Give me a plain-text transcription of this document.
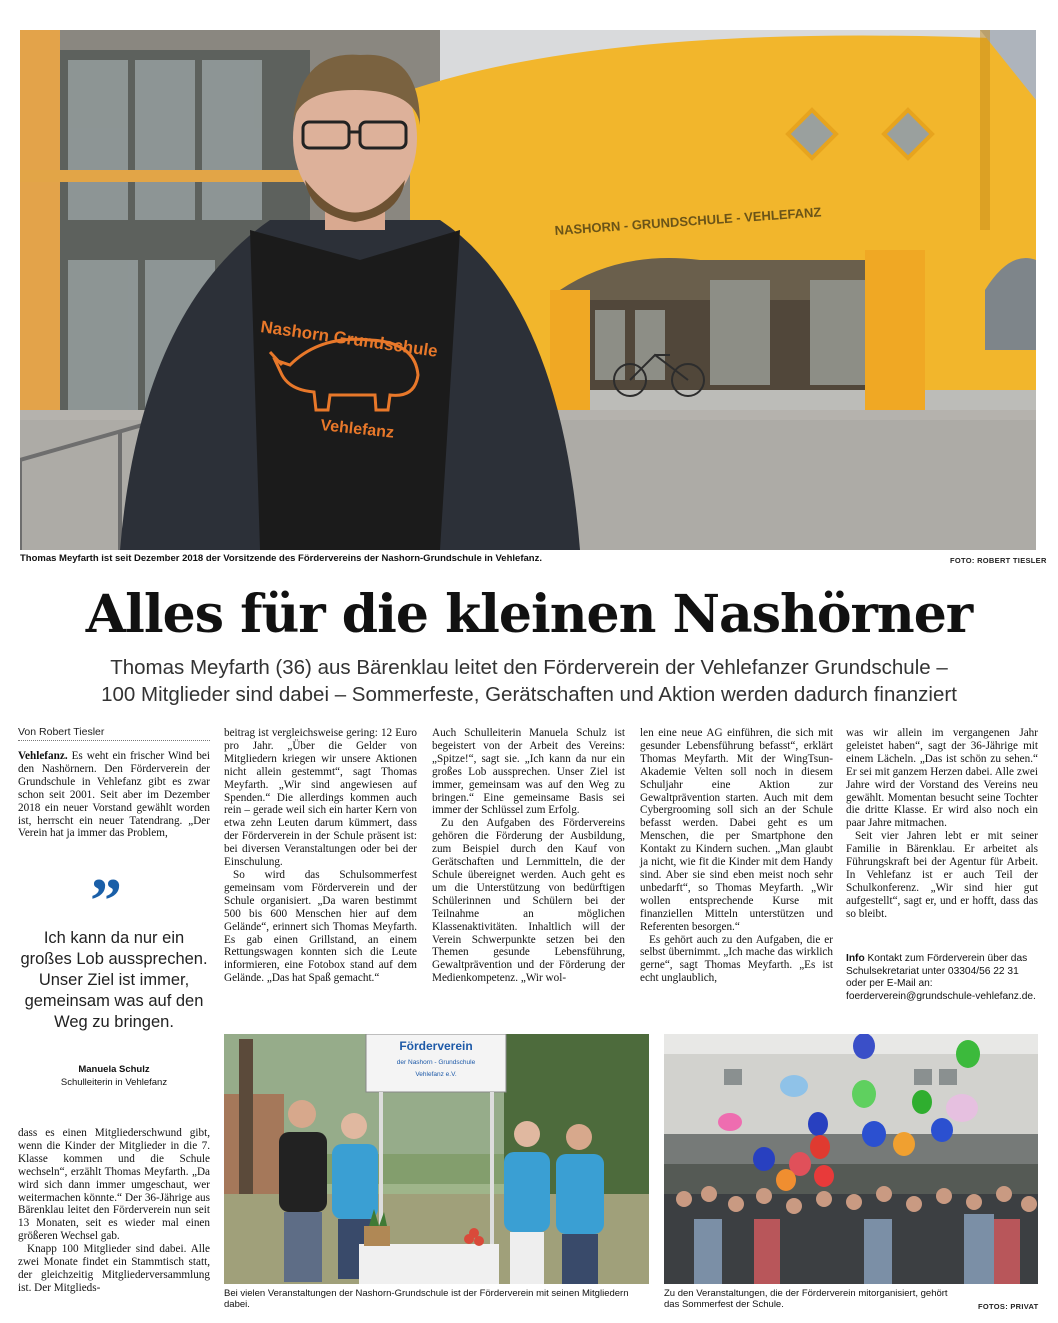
NASHORN - GRUNDSCHULE - VEHLEFANZ
Nashorn Grundschule
Vehlefanz
Thomas Meyfarth ist seit Dezember 2018 der Vorsitzende des Fördervereins der Nashorn-Grundschule in Vehlefanz.	FOTO: ROBERT TIESLER
Alles für die kleinen Nashörner
Thomas Meyfarth (36) aus Bärenklau leitet den Förderverein der Vehlefanzer Grundschule –
100 Mitglieder sind dabei – Sommerfeste, Gerätschaften und Aktion werden dadurch finanziert
Von Robert Tiesler

Vehlefanz. Es weht ein frischer Wind bei den Nashörnern. Den Förderverein der Grundschule in Vehlefanz gibt es zwar schon seit 2001. Seit aber im Dezember 2018 ein neuer Vorstand gewählt worden ist, herrscht ein neuer Tatendrang. „Der Verein hat ja immer das Problem,

”
Ich kann da nur ein großes Lob aussprechen. Unser Ziel ist immer, gemeinsam was auf den Weg zu bringen.
Manuela Schulz
Schulleiterin in Vehlefanz

dass es einen Mitgliederschwund gibt, wenn die Kinder der Mitglieder in die 7. Klasse kommen und die Schule wechseln“, erzählt Thomas Meyfarth. „Da wird sich dann immer umgeschaut, wer weitermachen könnte.“ Der 36-Jährige aus Bärenklau leitet den Förderverein nun seit 13 Monaten, seit es wieder mal einen größeren Wechsel gab.

Knapp 100 Mitglieder sind dabei. Alle zwei Monate findet ein Stammtisch statt, der gleichzeitig Mitgliederversammlung ist. Der Mitglieds-

beitrag ist vergleichsweise gering: 12 Euro pro Jahr. „Über die Gelder von Mitgliedern kriegen wir unsere Aktionen nicht allein gestemmt“, sagt Thomas Meyfarth. „Wir sind angewiesen auf Spenden.“ Die allerdings kommen auch rein – gerade weil sich ein harter Kern von etwa zehn Leuten darum kümmert, dass der Förderverein in der Schule präsent ist: bei diversen Veranstaltungen oder bei der Einschulung.

So wird das Schulsommerfest gemeinsam vom Förderverein und der Schule organisiert. „Da waren bestimmt 500 bis 600 Menschen hier auf dem Gelände“, erinnert sich Thomas Meyfarth. Es gab einen Grillstand, an einem Rettungswagen konnten sich die Leute informieren, eine Fotobox stand auf dem Gelände. „Das hat Spaß gemacht.“

Auch Schulleiterin Manuela Schulz ist begeistert von der Arbeit des Vereins: „Spitze!“, sagt sie. „Ich kann da nur ein großes Lob aussprechen. Unser Ziel ist immer, gemeinsam was auf den Weg zu bringen.“ Eine gemeinsame Basis sei immer der Schlüssel zum Erfolg.

Zu den Aufgaben des Fördervereins gehören die Förderung der Ausbildung, zum Beispiel durch den Kauf von Gerätschaften und Lernmitteln, die der Schule übereignet werden. Auch geht es um die Unterstützung von bedürftigen Schülerinnen und Schülern bei der Teilnahme an möglichen Klassenaktivitäten. Inhaltlich will der Verein Schwerpunkte setzen bei den Themen gesunde Lebensführung, Gewaltprävention und der Förderung der Medienkompetenz. „Wir wol-

len eine neue AG einführen, die sich mit gesunder Lebensführung befasst“, erklärt Thomas Meyfarth. Mit der WingTsun-Akademie Velten soll noch in diesem Schuljahr eine Aktion zur Gewaltprävention starten. Auch mit dem Cybergrooming soll sich an der Schule befasst werden. Dabei geht es um Menschen, die per Smartphone den Kontakt zu Kindern suchen. „Man glaubt ja nicht, wie fit die Kinder mit dem Handy sind. Aber sie sind eben meist noch sehr unbedarft“, so Thomas Meyfarth. „Wir wollen entsprechende Kurse mit finanziellen Mitteln unterstützen und Referenten besorgen.“

Es gehört auch zu den Aufgaben, die er selbst übernimmt. „Ich mache das wirklich gerne“, sagt Thomas Meyfarth. „Es ist echt unglaublich,

was wir allein im vergangenen Jahr geleistet haben“, sagt der 36-Jährige mit einem Lächeln. „Das ist schön zu sehen.“ Er sei mit ganzem Herzen dabei. Alle zwei Jahre wird der Vorstand des Vereins neu gewählt. Momentan besucht seine Tochter die dritte Klasse. Er wird also noch ein paar Jahre mitmachen.

Seit vier Jahren lebt er mit seiner Familie in Bärenklau. Er arbeitet als Führungskraft bei der Agentur für Arbeit. In Vehlefanz ist er auch Teil der Schulkonferenz. „Wir sind hier gut aufgestellt“, sagt er, und er hofft, dass das so bleibt.

Info Kontakt zum Förderverein über das Schulsekretariat unter 03304/56 22 31 oder per E-Mail an: foerderverein@grundschule-vehlefanz.de.
Förderverein
der Nashorn - Grundschule
Vehlefanz e.V.
Bei vielen Veranstaltungen der Nashorn-Grundschule ist der Förderverein mit seinen Mitgliedern dabei.
Zu den Veranstaltungen, die der Förderverein mitorganisiert, gehört das Sommerfest der Schule.	FOTOS: PRIVAT
